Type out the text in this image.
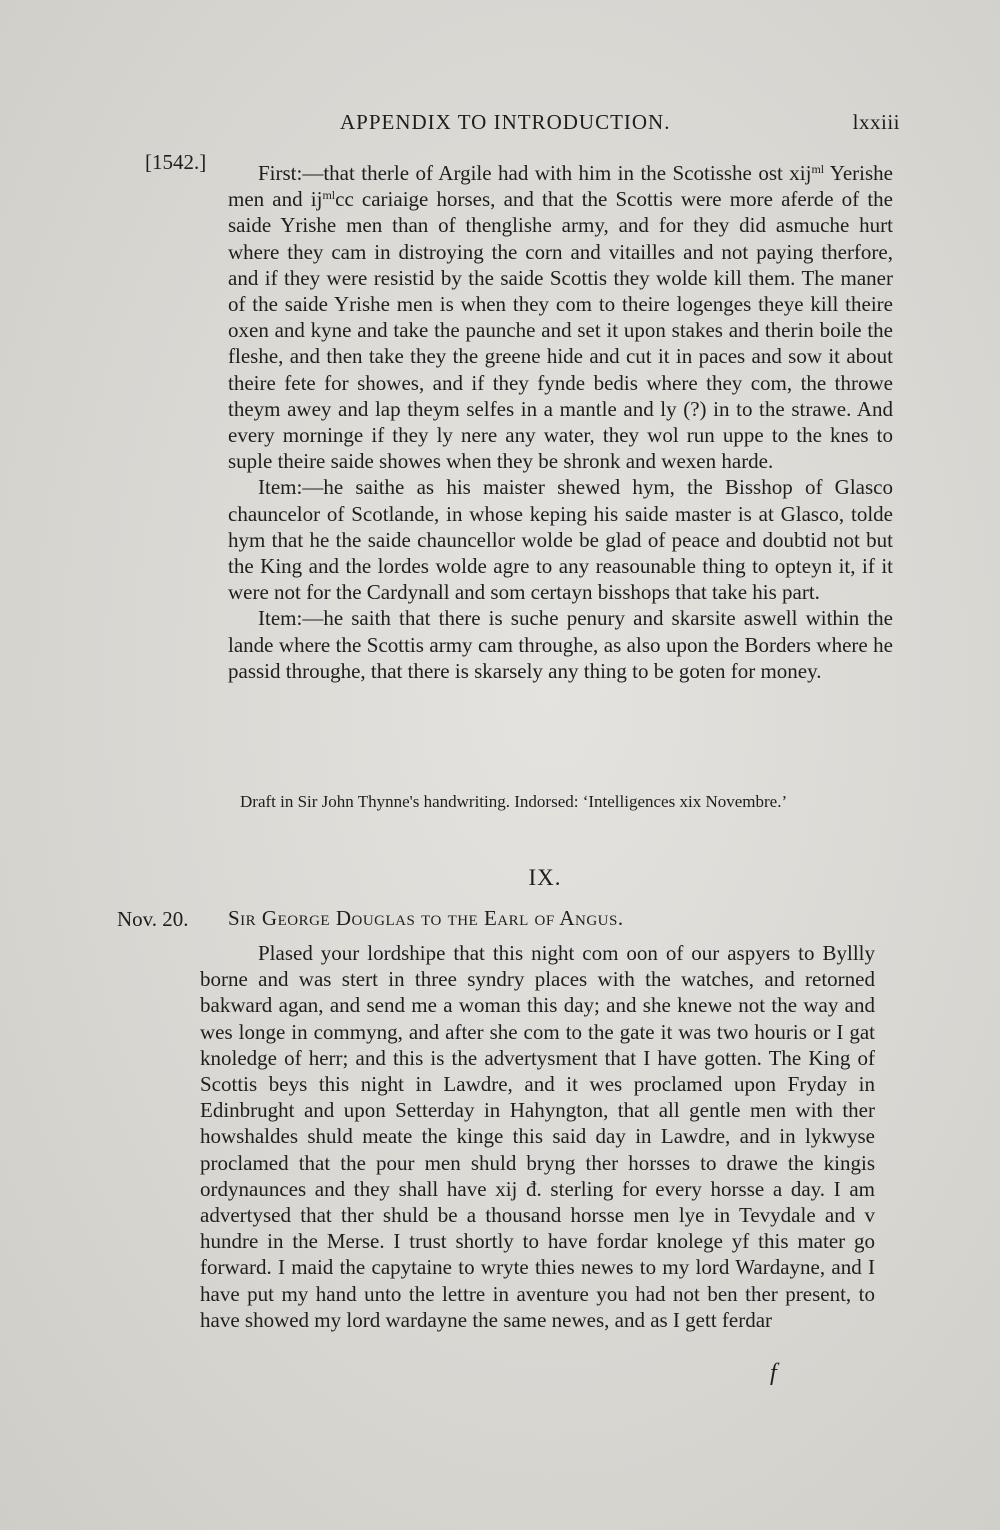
APPENDIX TO INTRODUCTION.	lxxiii
[1542.]	First:—that therle of Argile had with him in the Scotisshe ost xij$^{ml}$ Yerishe men and $ij^{ml}cc$ cariaige horses, and that the Scottis were more aferde of the saide Yrishe men than of thenglishe army, and for they did asmuche hurt where they cam in distroying the corn and vitailles and not paying therfore, and if they were resistid by the saide Scottis they wolde kill them. The maner of the saide Yrishe men is when they com to theire logenges theye kill theire oxen and kyne and take the paunche and set it upon stakes and therin boile the fleshe, and then take they the greene hide and cut it in paces and sow it about theire fete for showes, and if they fynde bedis where they com, the throwe theym awey and lap theym selfes in a mantle and ly (?) in to the strawe. And every morninge if they ly nere any water, they wol run uppe to the knes to suple theire saide showes when they be shronk and wexen harde.

Item:—he saithe as his maister shewed hym, the Bisshop of Glasco chauncelor of Scotlande, in whose keping his saide master is at Glasco, tolde hym that he the saide chauncellor wolde be glad of peace and doubtid not but the King and the lordes wolde agre to any reasounable thing to opteyn it, if it were not for the Cardynall and som certayn bisshops that take his part.

Item:—he saith that there is suche penury and skarsite aswell within the lande where the Scottis army cam throughe, as also upon the Borders where he passid throughe, that there is skarsely any thing to be goten for money.

Draft in Sir John Thynne's handwriting. Indorsed: ‘Intelligences xix Novembre.’
IX.
Nov. 20. Sir George Douglas to the Earl of Angus.

Plased your lordshipe that this night com oon of our aspyers to Byllly borne and was stert in three syndry places with the watches, and retorned bakward agan, and send me a woman this day; and she knewe not the way and wes longe in commyng, and after she com to the gate it was two houris or I gat knoledge of herr; and this is the advertysment that I have gotten. The King of Scottis beys this night in Lawdre, and it wes proclamed upon Fryday in Edinbrught and upon Setterday in Hahyngton, that all gentle men with ther howshaldes shuld meate the kinge this said day in Lawdre, and in lykwyse proclamed that the pour men shuld bryng ther horsses to drawe the kingis ordynaunces and they shall have xij đ. sterling for every horsse a day. I am advertysed that ther shuld be a thousand horsse men lye in Tevydale and v hundre in the Merse. I trust shortly to have fordar knolege yf this mater go forward. I maid the capytaine to wryte thies newes to my lord Wardayne, and I have put my hand unto the lettre in aventure you had not ben ther present, to have showed my lord wardayne the same newes, and as I gett ferdar

f
